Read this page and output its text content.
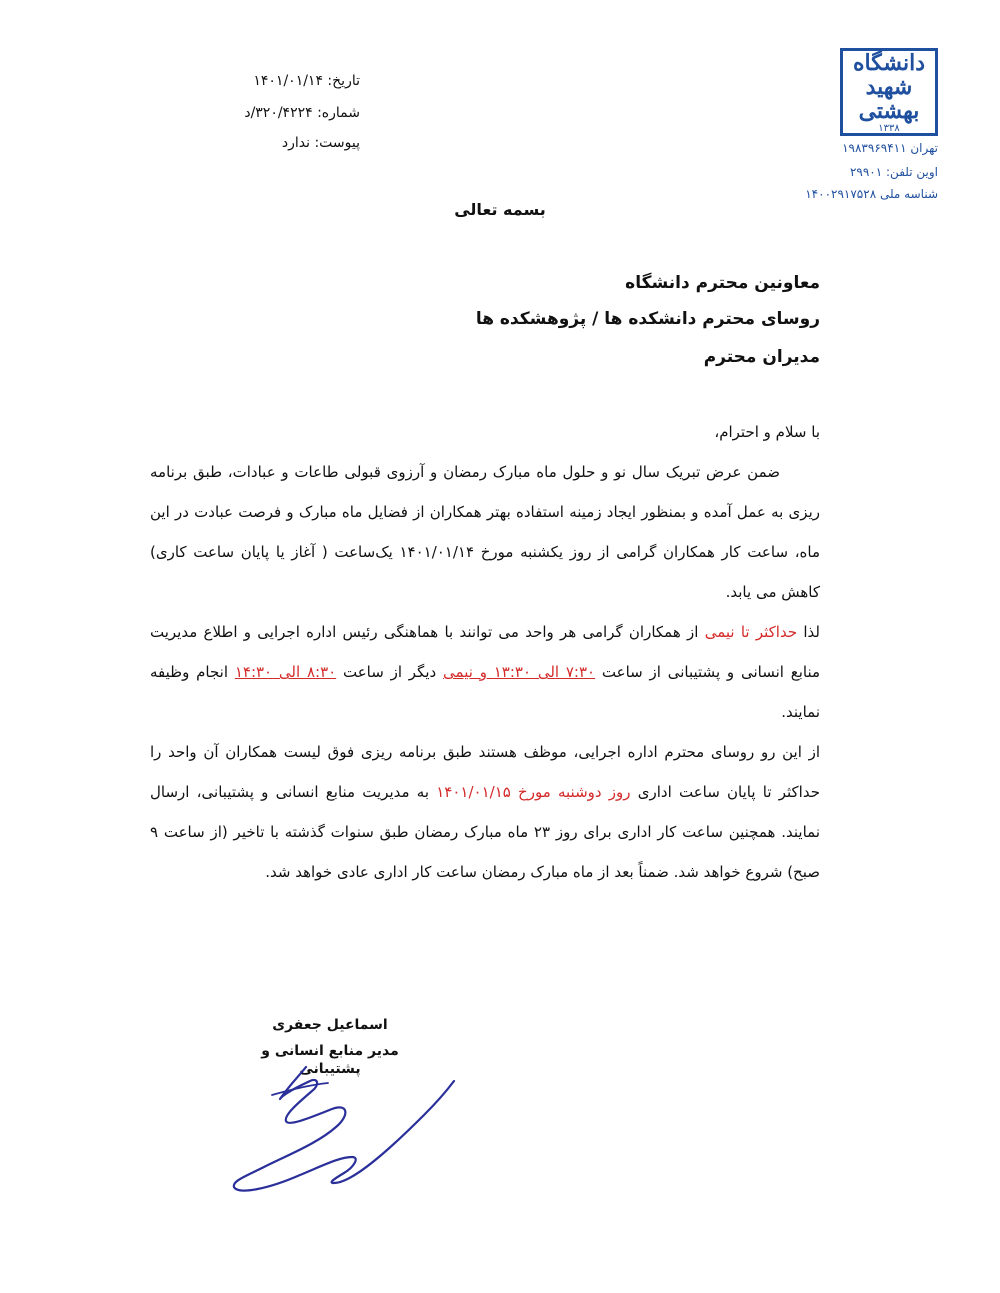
دانشگاه
شهید
بهشتی
۱۳۳۸
تهران ۱۹۸۳۹۶۹۴۱۱
اوین تلفن: ۲۹۹۰۱
شناسه ملی ۱۴۰۰۲۹۱۷۵۲۸
تاریخ: ۱۴۰۱/۰۱/۱۴
شماره: ۳۲۰/۴۲۲۴/د
پیوست: ندارد
بسمه تعالی
معاونین محترم دانشگاه
روسای محترم دانشکده ها / پژوهشکده ها
مدیران محترم

با سلام و احترام،

ضمن عرض تبریک سال نو و حلول ماه مبارک رمضان و آرزوی قبولی طاعات و عبادات، طبق برنامه ریزی به عمل آمده و بمنظور ایجاد زمینه استفاده بهتر همکاران از فضایل ماه مبارک و فرصت عبادت در این ماه، ساعت کار همکاران گرامی از روز یکشنبه مورخ ۱۴۰۱/۰۱/۱۴ یک‌ساعت ( آغاز یا پایان ساعت کاری) کاهش می یابد.

لذا حداکثر تا نیمی از همکاران گرامی هر واحد می توانند با هماهنگی رئیس اداره اجرایی و اطلاع مدیریت منابع انسانی و پشتیبانی از ساعت ۷:۳۰ الی ۱۳:۳۰ و نیمی دیگر از ساعت ۸:۳۰ الی ۱۴:۳۰ انجام وظیفه نمایند.

از این رو روسای محترم اداره اجرایی، موظف هستند طبق برنامه ریزی فوق لیست همکاران آن واحد را حداکثر تا پایان ساعت اداری روز دوشنبه مورخ ۱۴۰۱/۰۱/۱۵ به مدیریت منابع انسانی و پشتیبانی، ارسال نمایند. همچنین ساعت کار اداری برای روز ۲۳ ماه مبارک رمضان طبق سنوات گذشته با تاخیر (از ساعت ۹ صبح) شروع خواهد شد. ضمناً بعد از ماه مبارک رمضان ساعت کار اداری عادی خواهد شد.

اسماعیل جعفری
مدیر منابع انسانی و پشتیبانی
